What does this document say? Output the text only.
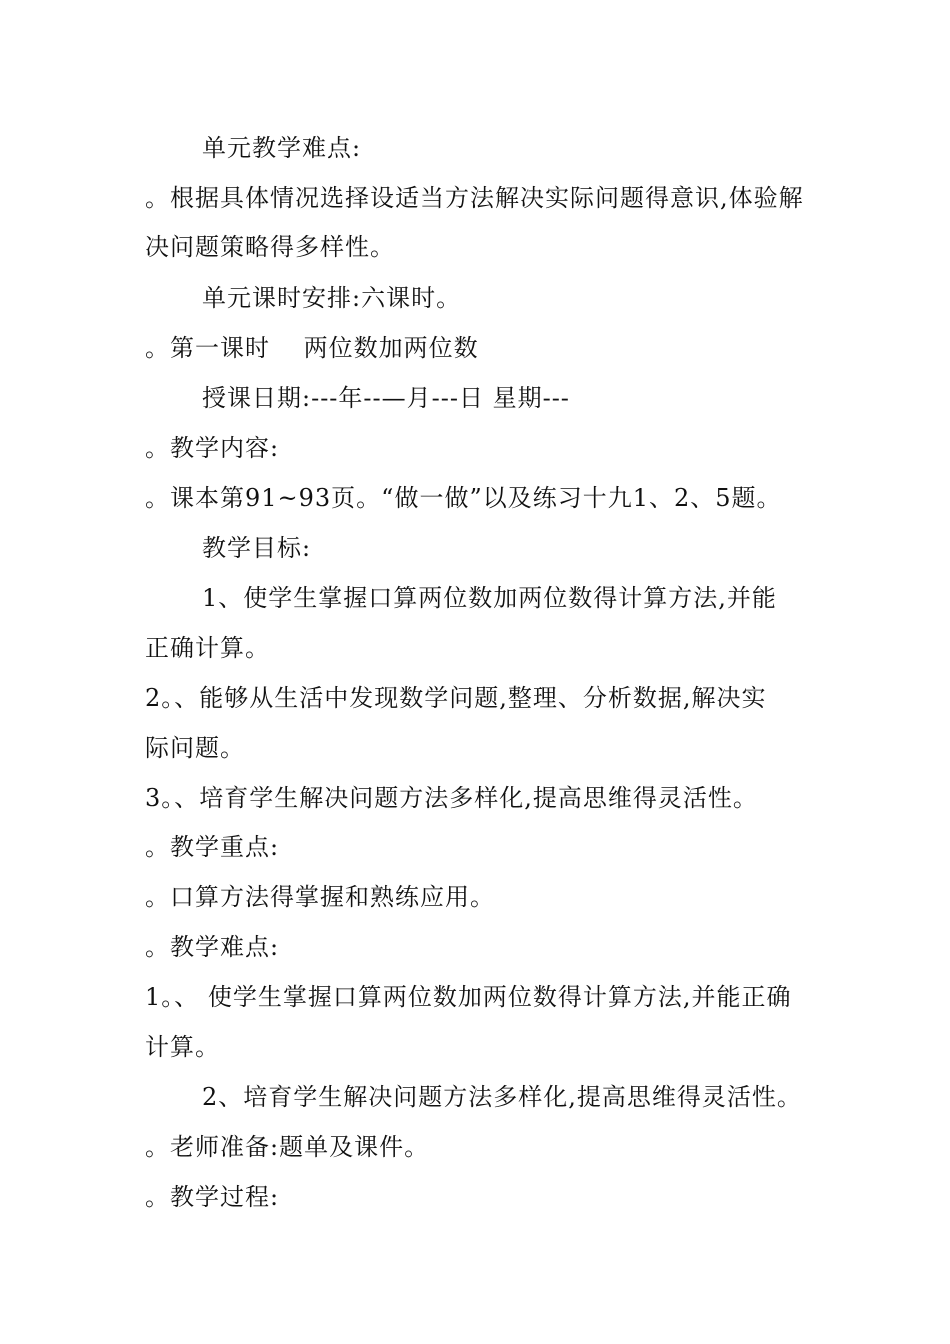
单元教学难点:
。根据具体情况选择设适当方法解决实际问题得意识,体验解
决问题策略得多样性。
单元课时安排:六课时。
。第一课时　 两位数加两位数
授课日期:---年--—月---日 星期---
。教学内容:
。课本第91~93页。“做一做”以及练习十九1、2、5题。
教学目标:
1、使学生掌握口算两位数加两位数得计算方法,并能
正确计算。
2。、能够从生活中发现数学问题,整理、分析数据,解决实
际问题。
3。、培育学生解决问题方法多样化,提高思维得灵活性。
。教学重点:
。口算方法得掌握和熟练应用。
。教学难点:
1。、 使学生掌握口算两位数加两位数得计算方法,并能正确
计算。
2、培育学生解决问题方法多样化,提高思维得灵活性。
。老师准备:题单及课件。
。教学过程:
